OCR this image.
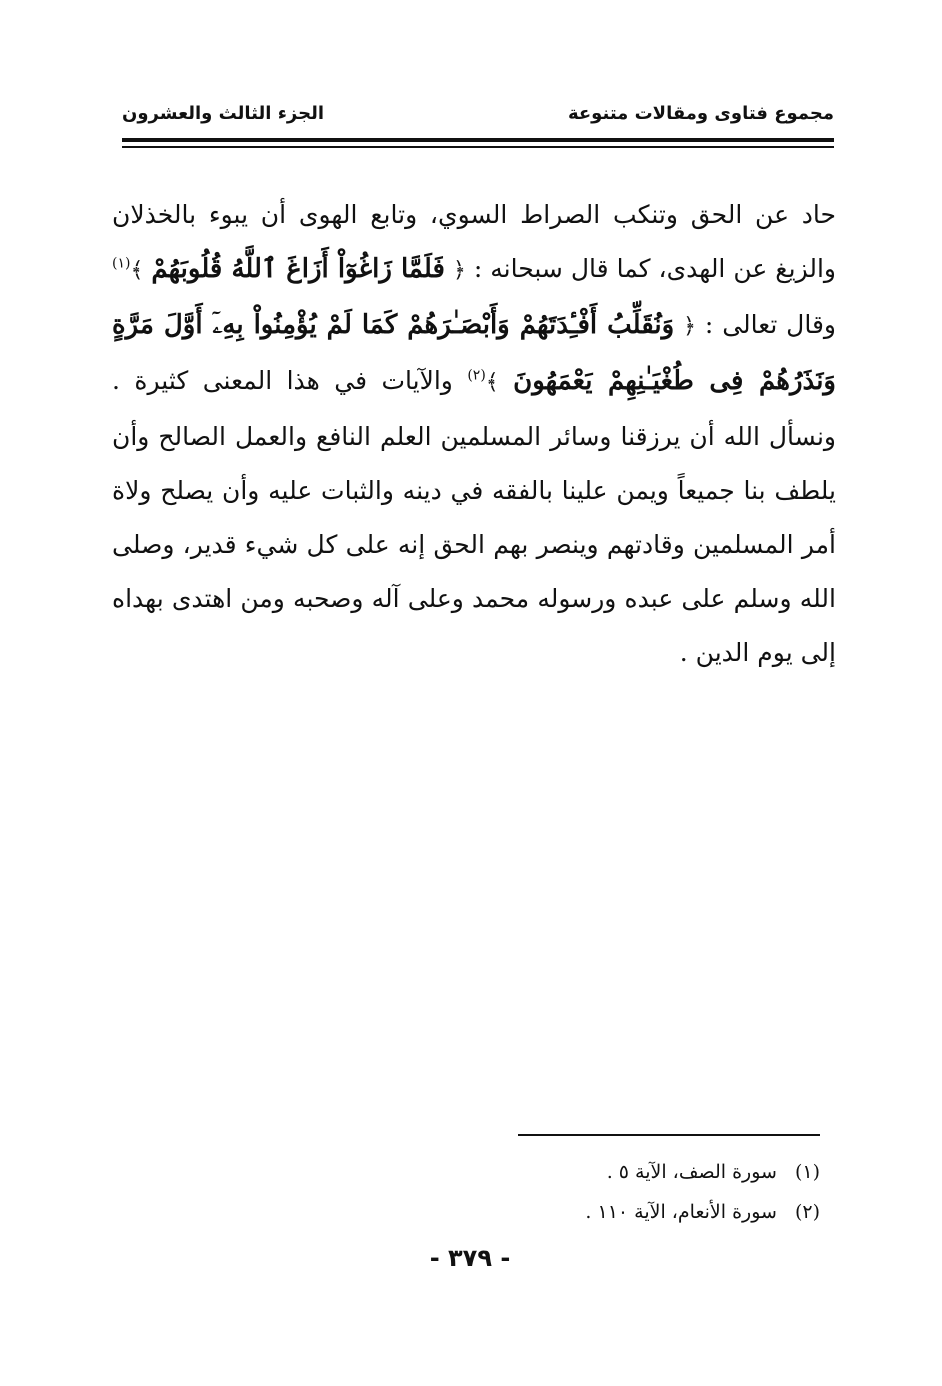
مجموع فتاوى ومقالات متنوعة
الجزء الثالث والعشرون

حاد عن الحق وتنكب الصراط السوي، وتابع الهوى أن يبوء بالخذلان والزيغ عن الهدى، كما قال سبحانه : ﴿ فَلَمَّا زَاغُوٓاْ أَزَاغَ ٱللَّهُ قُلُوبَهُمْ ﴾$^{(١)}$ وقال تعالى : ﴿ وَنُقَلِّبُ أَفْـِٔدَتَهُمْ وَأَبْصَـٰرَهُمْ كَمَا لَمْ يُؤْمِنُواْ بِهِۦٓ أَوَّلَ مَرَّةٍ وَنَذَرُهُمْ فِى طُغْيَـٰنِهِمْ يَعْمَهُونَ ﴾$^{(٢)}$ والآيات في هذا المعنى كثيرة . ونسأل الله أن يرزقنا وسائر المسلمين العلم النافع والعمل الصالح وأن يلطف بنا جميعاً ويمن علينا بالفقه في دينه والثبات عليه وأن يصلح ولاة أمر المسلمين وقادتهم وينصر بهم الحق إنه على كل شيء قدير، وصلى الله وسلم على عبده ورسوله محمد وعلى آله وصحبه ومن اهتدى بهداه إلى يوم الدين .

(١)
سورة الصف، الآية ٥ .
(٢)
سورة الأنعام، الآية ١١٠ .
- ٣٧٩ -
